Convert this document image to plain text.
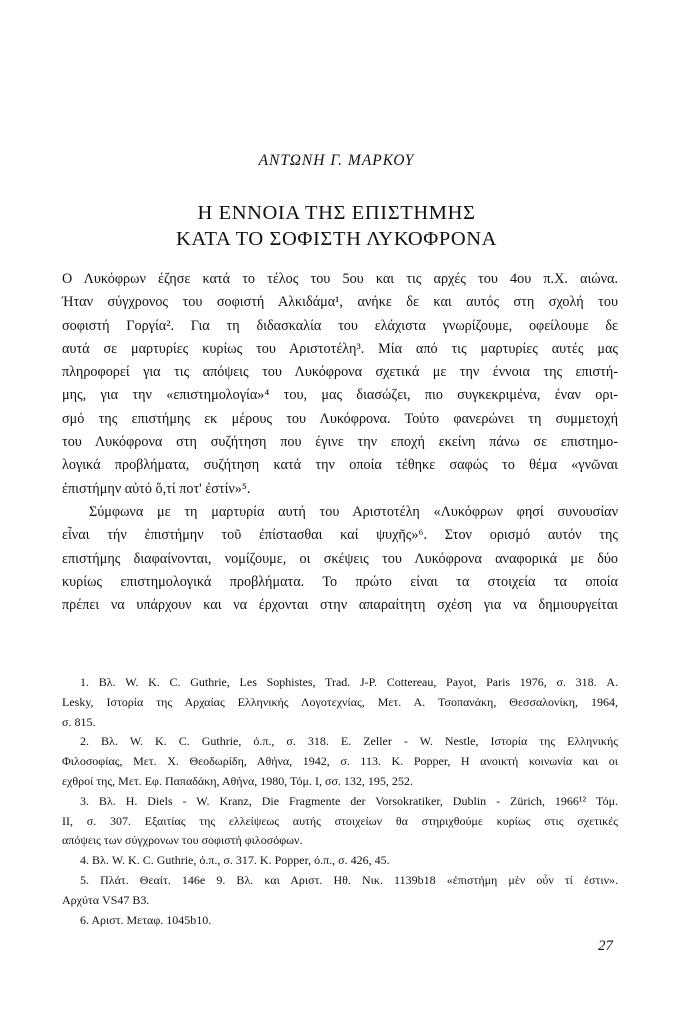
ΑΝΤΩΝΗ Γ. ΜΑΡΚΟΥ
Η ΕΝΝΟΙΑ ΤΗΣ ΕΠΙΣΤΗΜΗΣ
ΚΑΤΑ ΤΟ ΣΟΦΙΣΤΗ ΛΥΚΟΦΡΟΝΑ
Ο Λυκόφρων έζησε κατά το τέλος του 5ου και τις αρχές του 4ου π.Χ. αιώνα.
Ήταν σύγχρονος του σοφιστή Αλκιδάμα¹, ανήκε δε και αυτός στη σχολή του
σοφιστή Γοργία². Για τη διδασκαλία του ελάχιστα γνωρίζουμε, οφείλουμε δε
αυτά σε μαρτυρίες κυρίως του Αριστοτέλη³. Μία από τις μαρτυρίες αυτές μας
πληροφορεί για τις απόψεις του Λυκόφρονα σχετικά με την έννοια της επιστή-
μης, για την «επιστημολογία»⁴ του, μας διασώζει, πιο συγκεκριμένα, έναν ορι-
σμό της επιστήμης εκ μέρους του Λυκόφρονα. Τούτο φανερώνει τη συμμετοχή
του Λυκόφρονα στη συζήτηση που έγινε την εποχή εκείνη πάνω σε επιστημο-
λογικά προβλήματα, συζήτηση κατά την οποία τέθηκε σαφώς το θέμα «γνῶναι
ἐπιστήμην αὐτό ὅ,τί ποτ' ἐστίν»⁵.
Σύμφωνα με τη μαρτυρία αυτή του Αριστοτέλη «Λυκόφρων φησί συνουσίαν
εἶναι τήν ἐπιστήμην τοῦ ἐπίστασθαι καί ψυχῆς»⁶. Στον ορισμό αυτόν της
επιστήμης διαφαίνονται, νομίζουμε, οι σκέψεις του Λυκόφρονα αναφορικά με δύο
κυρίως επιστημολογικά προβλήματα. Το πρώτο είναι τα στοιχεία τα οποία
πρέπει να υπάρχουν και να έρχονται στην απαραίτητη σχέση για να δημιουργείται
1. Βλ. W. K. C. Guthrie, Les Sophistes, Trad. J-P. Cottereau, Payot, Paris 1976, σ. 318. A.
Lesky, Ιστορία της Αρχαίας Ελληνικής Λογοτεχνίας, Μετ. Α. Τσοπανάκη, Θεσσαλονίκη, 1964,
σ. 815.
2. Βλ. W. K. C. Guthrie, ό.π., σ. 318. E. Zeller - W. Nestle, Ιστορία της Ελληνικής
Φιλοσοφίας, Μετ. Χ. Θεοδωρίδη, Αθήνα, 1942, σ. 113. K. Popper, Η ανοικτή κοινωνία και οι
εχθροί της, Μετ. Εφ. Παπαδάκη, Αθήνα, 1980, Τόμ. Ι, σσ. 132, 195, 252.
3. Βλ. H. Diels - W. Kranz, Die Fragmente der Vorsokratiker, Dublin - Zürich, 1966¹² Τόμ.
ΙΙ, σ. 307. Εξαιτίας της ελλείψεως αυτής στοιχείων θα στηριχθούμε κυρίως στις σχετικές
απόψεις των σύγχρονων του σοφιστή φιλοσόφων.
4. Βλ. W. K. C. Guthrie, ό.π., σ. 317. K. Popper, ό.π., σ. 426, 45.
5. Πλάτ. Θεαίτ. 146e 9. Βλ. και Αριστ. Ηθ. Νικ. 1139b18 «ἐπιστήμη μὲν οὖν τί ἐστιν».
Αρχύτα VS47 B3.
6. Αριστ. Μεταφ. 1045b10.
27
